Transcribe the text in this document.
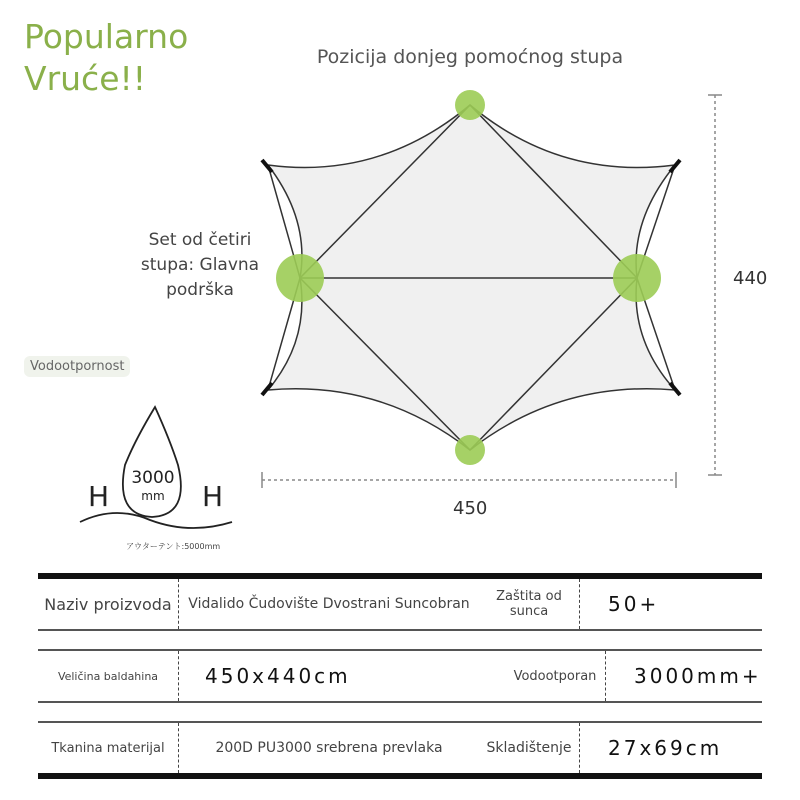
Popularno
Vruće!!
Pozicija donjeg pomoćnog stupa
Set od četiri stupa: Glavna podrška
440
450
Vodootpornost
3000
mm
H	H
アウターテント:5000mm
Naziv proizvoda	Vidalido Čudovište Dvostrani Suncobran	Zaštita od sunca	50+
Veličina baldahina	450x440cm	Vodootporan	3000mm+
Tkanina materijal	200D PU3000 srebrena prevlaka	Skladištenje	27x69cm
